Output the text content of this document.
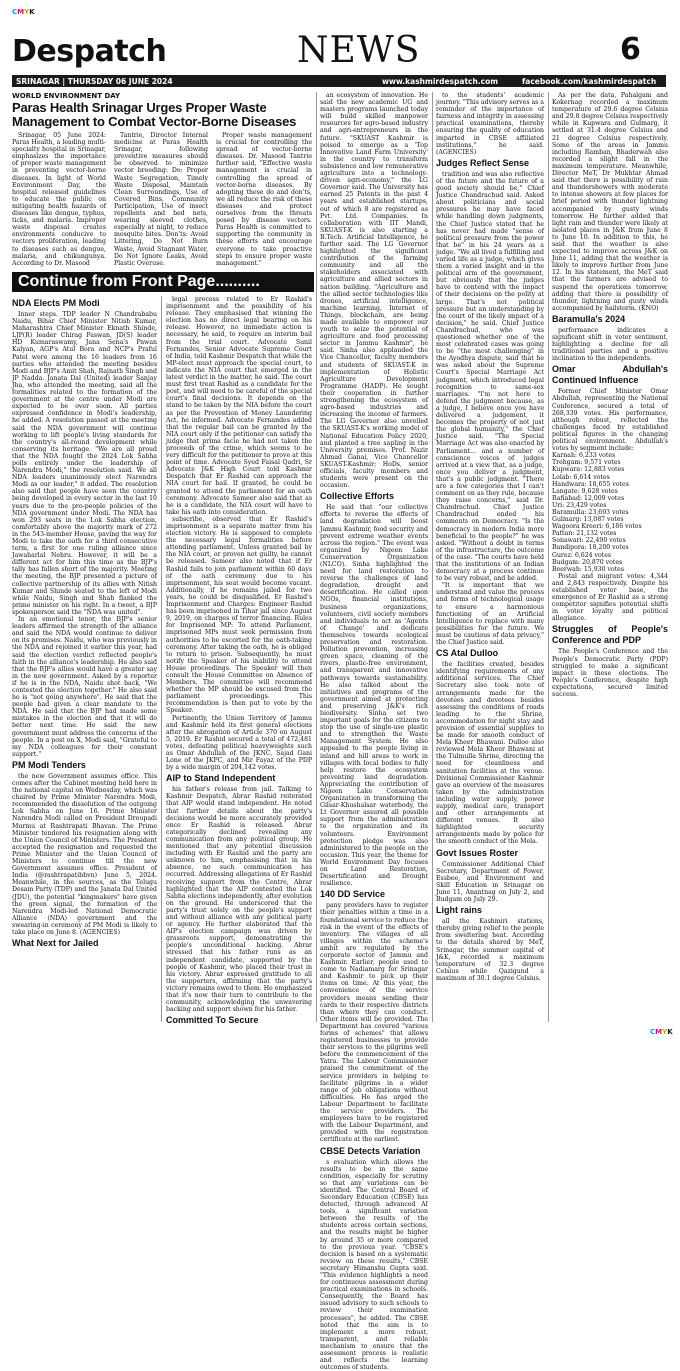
C M Y K
C M Y K
Despatch	NEWS	6
SRINAGAR | THURSDAY 06 JUNE 2024	www.kashmirdespatch.com	facebook.com/kashmirdespatch
WORLD ENVIRONMENT DAY
Paras Health Srinagar Urges Proper Waste Management to Combat Vector-Borne Diseases

Srinagar, 05 June 2024: Paras Health, a leading multi-specialty hospital in Srinagar, emphasizes the importance of proper waste management in preventing vector-borne diseases. In light of World Environment Day, the hospital released guidelines to educate the public on mitigating health hazards of diseases like dengue, typhus, ticks, and malaria. Improper waste disposal creates environments conducive to vectors proliferation, leading to diseases such as dengue, malaria, and chikungunya. According to Dr. Masood

Tantrie, Director Internal medicine at Paras Health Srinagar, following preventive measures should be observed to minimize vector breeding: Do: Proper Waste Segregation, Timely Waste Disposal, Maintain Clean Surroundings, Use of Covered Bins, Community Participation, Use of insect repellents and bed nets, wearing sleeved clothes, especially at night, to reduce mosquito bites. Don'ts: Avoid Littering, Do Not Burn Waste, Avoid Stagnant Water, Do Not Ignore Leaks, Avoid Plastic Overuse.

Proper waste management is crucial for controlling the spread of vector-borne diseases. Dr. Masood Tantrie further said, "Effective waste management is crucial in controlling the spread of vector-borne diseases. By adopting these do and don'ts, we all reduce the risk of these diseases and protect ourselves from the threats posed by disease vectors. Paras Health is committed to supporting the community in these efforts and encourage everyone to take proactive steps to ensure proper waste management."

Continue from Front Page..........
NDA Elects PM Modi

Inner steps. TDP leader N Chandrababu Naidu, Bihar Chief Minister Nitish Kumar, Maharashtra Chief Minister Eknath Shinde, LJP(R) leader Chirag Paswan, JD(S) leader HD Kumaraswamy, Jana Sena's Pawan Kalyan, AGP's Atul Bora and NCP's Praful Patel were among the 16 leaders from 16 parties who attended the meeting besides Modi and BJP's Amit Shah, Rajnath Singh and JP Nadda. Janata Dal (United) leader Sanjay Jha, who attended the meeting, said all the formalities related to the formation of the government at the centre under Modi are expected to be over soon. All parties expressed confidence in Modi's leadership, he added. A resolution passed at the meeting said the NDA government will continue working to lift people's living standards for the country's all-round development while conserving its heritage. "We are all proud that the NDA fought the 2024 Lok Sabha polls entirely under the leadership of Narendra Modi," the resolution said. We all NDA leaders unanimously elect Narendra Modi as our leader," it added. The resolution also said that people have seen the country being developed in every sector in the last 10 years due to the pro-people policies of the NDA government under Modi. The NDA has won 293 seats in the Lok Sabha election, comfortably above the majority mark of 272 in the 543-member House, paving the way for Modi to take the oath for a third consecutive term, a first for one ruling alliance since Jawaharlal Nehru. However, it will be a different act for him this time as the BJP's tally has fallen short of the majority. Meeting the meeting, the BJP presented a picture of collective partnership of its allies with Nitish Kumar and Shinde seated to the left of Modi while Naidu, Singh and Shah flanked the prime minister on his right. In a tweet, a BJP spokesperson said the "NDA was united".

In an emotional tenor, the BJP's senior leaders affirmed the strength of the alliance and said the NDA would continue to deliver on its promises. Naidu, who was previously in the NDA and rejoined it earlier this year, had said the election verdict reflected people's faith in the alliance's leadership. He also said that the BJP's allies would have a greater say in the new government. Asked by a reporter if he is in the NDA, Naidu shot back, "We contested the election together." He also said he is "not going anywhere". He said that the people had given a clear mandate to the NDA. He said that the BJP had made some mistakes in the election and that it will do better next time. He said the new government must address the concerns of the people. In a post on X, Modi said, "Grateful to my NDA colleagues for their constant support."

PM Modi Tenders

the new Government assumes office. This comes after the Cabinet meeting held here in the national capital on Wednesday, which was chaired by Prime Minister Narendra Modi, recommended the dissolution of the outgoing Lok Sabha on June 16. Prime Minister Narendra Modi called on President Droupadi Murmu at Rashtrapati Bhavan. The Prime Minister tendered his resignation along with the Union Council of Ministers. The President accepted the resignation and requested the Prime Minister and the Union Council of Ministers to continue till the new Government assumes office. President of India (@rashtrapatibhvn) June 5, 2024. Meanwhile, in the sources, as the Telugu Desam Party (TDP) and the Janata Dal United (JDU), the potential "kingmakers" have given the green signal, the formation of the Narendra Modi-led National Democratic Alliance (NDA) government and the swearing-in ceremony of PM Modi is likely to take place on June 8. (AGENCIES)

What Next for Jailed

legal process related to Er Rashid's imprisonment and the possibility of his release. They emphasised that winning the election has no direct legal bearing on his release. However, no immediate action is necessary, he said, to require an interim bail from the trial court. Advocate Sunil Fernandes, Senior Advocate Supreme Court of India, told Kashmir Despatch that while the MP-elect must approach the special court, to indicate the NIA court that emerged in the latest verdict in the matter, he said. The court must first treat Rashid as a candidate for the post, and will need to be careful of the special court's final decisions. It depends on the stand to be taken by the NIA before the court as per the Prevention of Money Laundering Act, he informed. Advocate Fernandes added that the regular bail can be granted by the NIA court only if the petitioner can satisfy the judge that prima facie he had not taken the proceeds of the crime, which seems to be very difficult for the petitioner to prove at this point of time. Advocate Syed Faisal Qadri, Sr Advocate J&K High Court told Kashmir Despatch that Er Rashid can approach the NIA court for bail. If granted, he could be granted to attend the parliament for an oath ceremony. Advocate Sameer also said that as he is a candidate, the NIA court will have to take his oath into consideration.

subscribe, observed that Er Rashid's imprisonment is a separate matter from his election victory. He is supposed to complete the necessary legal formalities before attending parliament. Unless granted bail by the NIA court, or proven not guilty, he cannot be released. Sameer also noted that if Er Rashid fails to join parliament within 60 days of the oath ceremony due to his imprisonment, his seat would become vacant. Additionally, if he remains jailed for two years, he could be disqualified. Er Rashid's Imprisonment and Charges: Engineer Rashid has been imprisoned in Tihar jail since August 9, 2019, on charges of terror financing. Rules for Imprisoned MP: To attend Parliament, imprisoned MPs must seek permission from authorities to be escorted for the oath-taking ceremony. After taking the oath, he is obliged to return to prison. Subsequently, he must notify the Speaker of his inability to attend House proceedings. The Speaker will then consult the House Committee on Absence of Members. The committee will recommend whether the MP should be excused from the parliament proceedings. This recommendation is then put to vote by the Speaker.

Pertinently, the Union Territory of Jammu and Kashmir held its first general elections after the abrogation of Article 370 on August 5, 2019. Er Rashid secured a total of 472,481 votes, defeating political heavyweights such as Omar Abdullah of the JKNC, Sajad Gani Lone of the JKPC, and Mir Fayaz of the PDP by a wide margin of 204,142 votes.

AIP to Stand Independent

his father's release from jail. Talking to Kashmir Despatch, Abrar Rashid reiterated that AIP would stand independent. He noted that further details about the party's decisions would be more accurately provided once Er Rashid is released. Abrar categorically declined revealing any communication from any political group. He mentioned that any potential discussion including with Er Rashid and the party are unknown to him, emphasising that in his absence, no such communication has occurred. Addressing allegations of Er Rashid receiving support from the Centre, Abrar highlighted that the AIP contested the Lok Sabha elections independently, after evolution on the ground. He underscored that the party's trust solely on the people's support and without alliance with any political party or agency. He further elaborated that the AIP's election campaign was driven by grassroots support, demonstrating the people's unconditional backing. Abrar stressed that his father runs as an independent candidate, supported by the people of Kashmir, who placed their trust in his victory. Abrar expressed gratitude to all the supporters, affirming that the party's victory remains owed to them. He emphasized that it's now their turn to contribute to the community, acknowledging the unwavering backing and support shown for his father.

Committed To Secure

an ecosystem of innovation. He said the new academic UG and masters programs launched today will build skilled manpower resources for agro-based industry and agri-entrepreneurs in the future. "SKUAST Kashmir is poised to emerge as a 'Top Innovative Land Farm University' in the country to transform subsistence and low remunerative agriculture into a technology-driven agri-economy," the LG Governor said. The University has earned 25 Patents in the past 4 years and established startups, out of which 8 are registered as Pvt. Ltd. Companies. In collaboration with IIT Mandi, SKUAST-K is also starting a B.Tech. Artificial Intelligence, he further said. The LG Governor highlighted the significant contribution of the farming community and all the stakeholders associated with agriculture and allied sectors in nation building. "Agriculture and the allied sector technologies like drones, artificial intelligence, machine learning, Internet of Things, blockchain, are being made available to empower our youth to seize the potential of agriculture and food processing sector in Jammu Kashmir", he said. Sinha also applauded the Vice Chancellor, faculty members and students of SKUAST-K in implementation of Holistic Agriculture Development Programme (HADP). He sought their cooperation in further strengthening the ecosystem of agro-based industries and increasing the income of farmers. The LG Governor also unveiled the SKUAST-K's working model of National Education Policy 2020, and planted a tree sapling in the University premises. Prof. Nazir Ahmad Ganai, Vice Chancellor SKUAST-Kashmir; HoDs, senior officials, faculty members and students were present on the occasion.

Collective Efforts

He said that "our collective efforts to reverse the effects of land degradation will boost Jammu Kashmir, food security and prevent extreme weather events across the region." The event was organized by Nigeen Lake Conservation Organization (NLCO). Sinha highlighted the need for land restoration to reverse the challenges of land degradation, drought and desertification. He called upon NGOs, financial institutions, business organizations, volunteers, civil society members and individuals to act as 'Agents of Change' and dedicate themselves towards ecological preservation and restoration. Pollution prevention, increasing green space, cleaning of the rivers, plastic-free environment, and transparent and innovative pathways towards sustainability. He also talked about the initiatives and programs of the government aimed at protecting and preserving J&K's rich biodiversity. Sinha set two important goals for the citizens to stop the use of single-use plastic and to strengthen the Waste Management System. He also appealed to the people living in inland and hill areas to work in villages with local bodies to fully help restore the ecosystem preventing land degradation. Appreciating the contribution of Nigeen Lake Conservation Organization in transforming the Gilsar-Khushalsar waterbody, the Lt Governor assured all possible support from the administration to the organization and its volunteers. Environment protection pledge was also administered to the people on the occasion. This year, the theme for World Environment Day focuses on Land Restoration, Desertification and Drought resilience.

140 DD Service

pany providers have to register their penalties within a time in a foundational service to reduce the risk in the event of the effects of inventory. The villages of all villages within the scheme's ambit are regulated by the corporate sector of Jammu and Kashmir. Earlier, people used to come to Nadiamarg for Srinagar and Kashmir to pick up their items on time. At this year, the convenience of the service providers means sending their cards to their respective districts than where they can conduct. Other items will be provided. The Department has covered "various forms of schemes" that allows registered businesses to provide their services to the pilgrims well before the commencement of the Yatra. The Labour Commissioner praised the commitment of the service providers in helping to facilitate pilgrims in a wider range of job obligations without difficulties. He has urged the Labour Department to facilitate the service providers. The employees have to be registered with the Labour Department, and provided with the registration certificate at the earliest.

CBSE Detects Variation

s evaluation which allows the results to be in the same condition, especially for scrutiny so that any variations can be identified. The Central Board of Secondary Education (CBSE) has detected, through advanced AI tools, a significant variation between the results of the students across certain sections, and the results might be higher by around 35 or more compared to the previous year. "CBSE's decision is based on a systematic review on these results," CBSE secretary Himanshu Gupta said. "This evidence highlights a need for continuous assessment during practical examinations in schools. Consequently, the Board has issued advisory to such schools to review their examination processes", he added. The CBSE noted that the aim is to implement a more robust, transparent, and reliable mechanism to ensure that the assessment process is realistic and reflects the learning outcomes of students.

to the students' academic journey. "This advisory serves as a reminder of the importance of fairness and integrity in assessing practical examinations, thereby ensuring the quality of education imparted in CBSE affiliated institutions," he said. (AGENCIES)

Judges Reflect Sense

tradition and was also reflective of the future and the future of a good society should be," Chief Justice Chandrachud said. Asked about politicians and social pressures he may have faced while handling down judgments, the Chief Justice stated that he has never had made "sense of political pressure from the power that be" in his 24 years as a judge. "We all lived a fulfilling and varied life as a judge, which gives them a varied insight and in the political arm of the government, but obviously that the judges have to contend with the impact of their decisions on the polity at large. That's not political pressure but an understanding by the court of the likely impact of a decision," he said. Chief Justice Chandrachud, who was questioned whether one of the most celebrated cases was going to be "the most challenging" in the Ayodhya dispute, said that he was asked about the Supreme Court's Special Marriage Act judgment, which introduced legal recognition to same-sex marriages. "I'm not here to defend the judgment because, as a judge, I believe once you have delivered a judgement, it becomes the property of not just the global humanity," the Chief Justice said. "The Special Marriage Act was also enacted by Parliament... and a number of conscience voices of judges arrived at a view that, as a judge, once you deliver a judgment, that's a public judgment. "There are a few categories that I can't comment on as they rule, because they raise concerns," said Dr. Chandrachud. Chief Justice Chandrachud ended his comments on Democracy. "Is the democracy in modern India more beneficial to the people?" he was asked. "Without a doubt in terms of the infrastructure, the outcome of the case. "The courts have held that the institutions of an Indian democracy at a process continue to be very robust, and he added.

"It is important that we understand and value the process and forms of technological usage to ensure a harmonious functioning of an Artificial Intelligence to replace with many possibilities for the future. We must be cautious of data privacy," the Chief Justice said.

CS Atal Dulloo

the facilities created, besides identifying requirements of any additional services. The Chief Secretary also took note of arrangements made for the devotees and devotees besides assessing the conditions of roads leading to the Shrine, accommodation for night stay and provision of essential supplies to be made for smooth conduct of Mela Kheer Bhawani. Dulloo also reviewed Mela Kheer Bhawani at the Tulmulla Shrine, directing the need for cleanliness and sanitation facilities at the venue. Divisional Commissioner Kashmir gave an overview of the measures taken by the administration including water supply, power supply, medical care, transport and other arrangements at different venues. It also highlighted security arrangements made by police for the smooth conduct of the Mela.

Govt Issues Roster

Commissioner Additional Chief Secretary, Department of Power, Essbee, and Environment and Skill Education in Srinagar on June 11, Anantnag on July 2, and Budgam on July 29.

Light rains

all the Kashmiri stations, thereby giving relief to the people from sweltering heat. According to the details shared by MeT, Srinagar, the summer capital of J&K, recorded a maximum temperature of 32.3 degree Celsius while Qazigund a maximum of 30.1 degree Celsius.

As per the data, Pahalgam and Kokernag recorded a maximum temperature of 29.6 degree Celsius and 29.8 degree Celsius respectively while in Kupwara and Gulmarg, it settled at 31.4 degree Celsius and 21 degree Celsius respectively. Some of the areas in Jammu including Ramban, Bhaderwah also recorded a slight fall in the maximum temperature. Meanwhile, Director MeT, Dr Mukhtar Ahmad said that there is possibility of rain and thundershowers with moderate to intense showers at few places for brief period with thunder lightning accompanied by gusty winds tomorrow. He further added that light rain and thunder were likely at isolated places in J&K from June 8 to June 10. In addition to this, he said that the weather is also expected to improve across J&K on June 11, adding that the weather is likely to improve further from June 12. In his statement, the MeT said that the farmers are advised to suspend the operations tomorrow, adding that there is possibility of thunder, lightning and gusty winds accompanied by hailstorm. (KNO)

Baramulla's 2024

performance indicates a significant shift in voter sentiment, highlighting a decline for all traditional parties and a positive inclination to the independents.

Omar Abdullah's Continued Influence

Former Chief Minister Omar Abdullah, representing the National Conference, secured a total of 268,339 votes. His performance, although robust, reflected the challenges faced by established political figures in the changing political environment. Abdullah's votes by segment include:

Karnah: 6,233 votes
Trehgam: 9,571 votes
Kupwara: 12,883 votes
Lolab: 6,614 votes
Handwara: 18,655 votes
Langate: 9,628 votes
Rafiabad: 12,009 votes
Uri: 23,429 votes
Baramulla: 23,693 votes
Gulmarg: 13,087 votes
Wagoora Kreeri: 6,186 votes
Pattan: 21,132 votes
Sonawari: 22,490 votes
Bandipora: 18,200 votes
Gurez: 6,624 votes
Budgam: 20,870 votes
Beerwah: 15,930 votes

Postal and migrant votes: 4,344 and 2,843 respectively. Despite his established voter base, the emergence of Er Rashid as a strong competitor signifies potential shifts in voter loyalty and political allegiance.

Struggles of People's Conference and PDP

The People's Conference and the People's Democratic Party (PDP) struggled to make a significant impact in these elections. The People's Conference, despite high expectations, secured limited success.
